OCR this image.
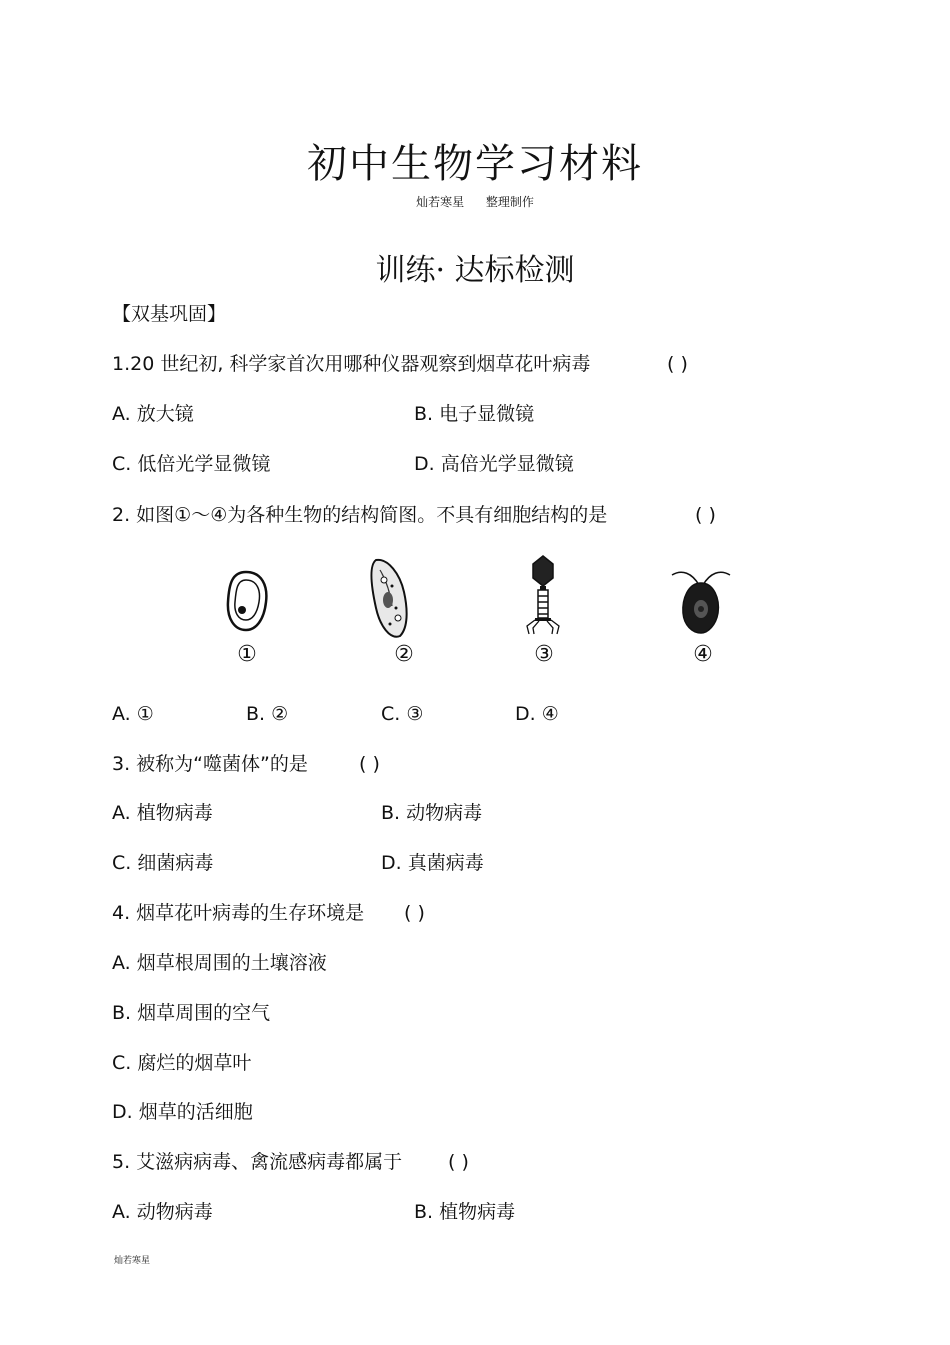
初中生物学习材料
灿若寒星 整理制作
训练· 达标检测
【双基巩固】
1.20 世纪初, 科学家首次用哪种仪器观察到烟草花叶病毒	( )
A. 放大镜	B. 电子显微镜
C. 低倍光学显微镜	D. 高倍光学显微镜
2. 如图①～④为各种生物的结构简图。不具有细胞结构的是	( )
①	②	③	④
A. ①	B. ②	C. ③	D. ④
3. 被称为“噬菌体”的是	( )
A. 植物病毒	B. 动物病毒
C. 细菌病毒	D. 真菌病毒
4. 烟草花叶病毒的生存环境是 ( )
A. 烟草根周围的土壤溶液
B. 烟草周围的空气
C. 腐烂的烟草叶
D. 烟草的活细胞
5. 艾滋病病毒、禽流感病毒都属于 ( )
A. 动物病毒	B. 植物病毒
灿若寒星
